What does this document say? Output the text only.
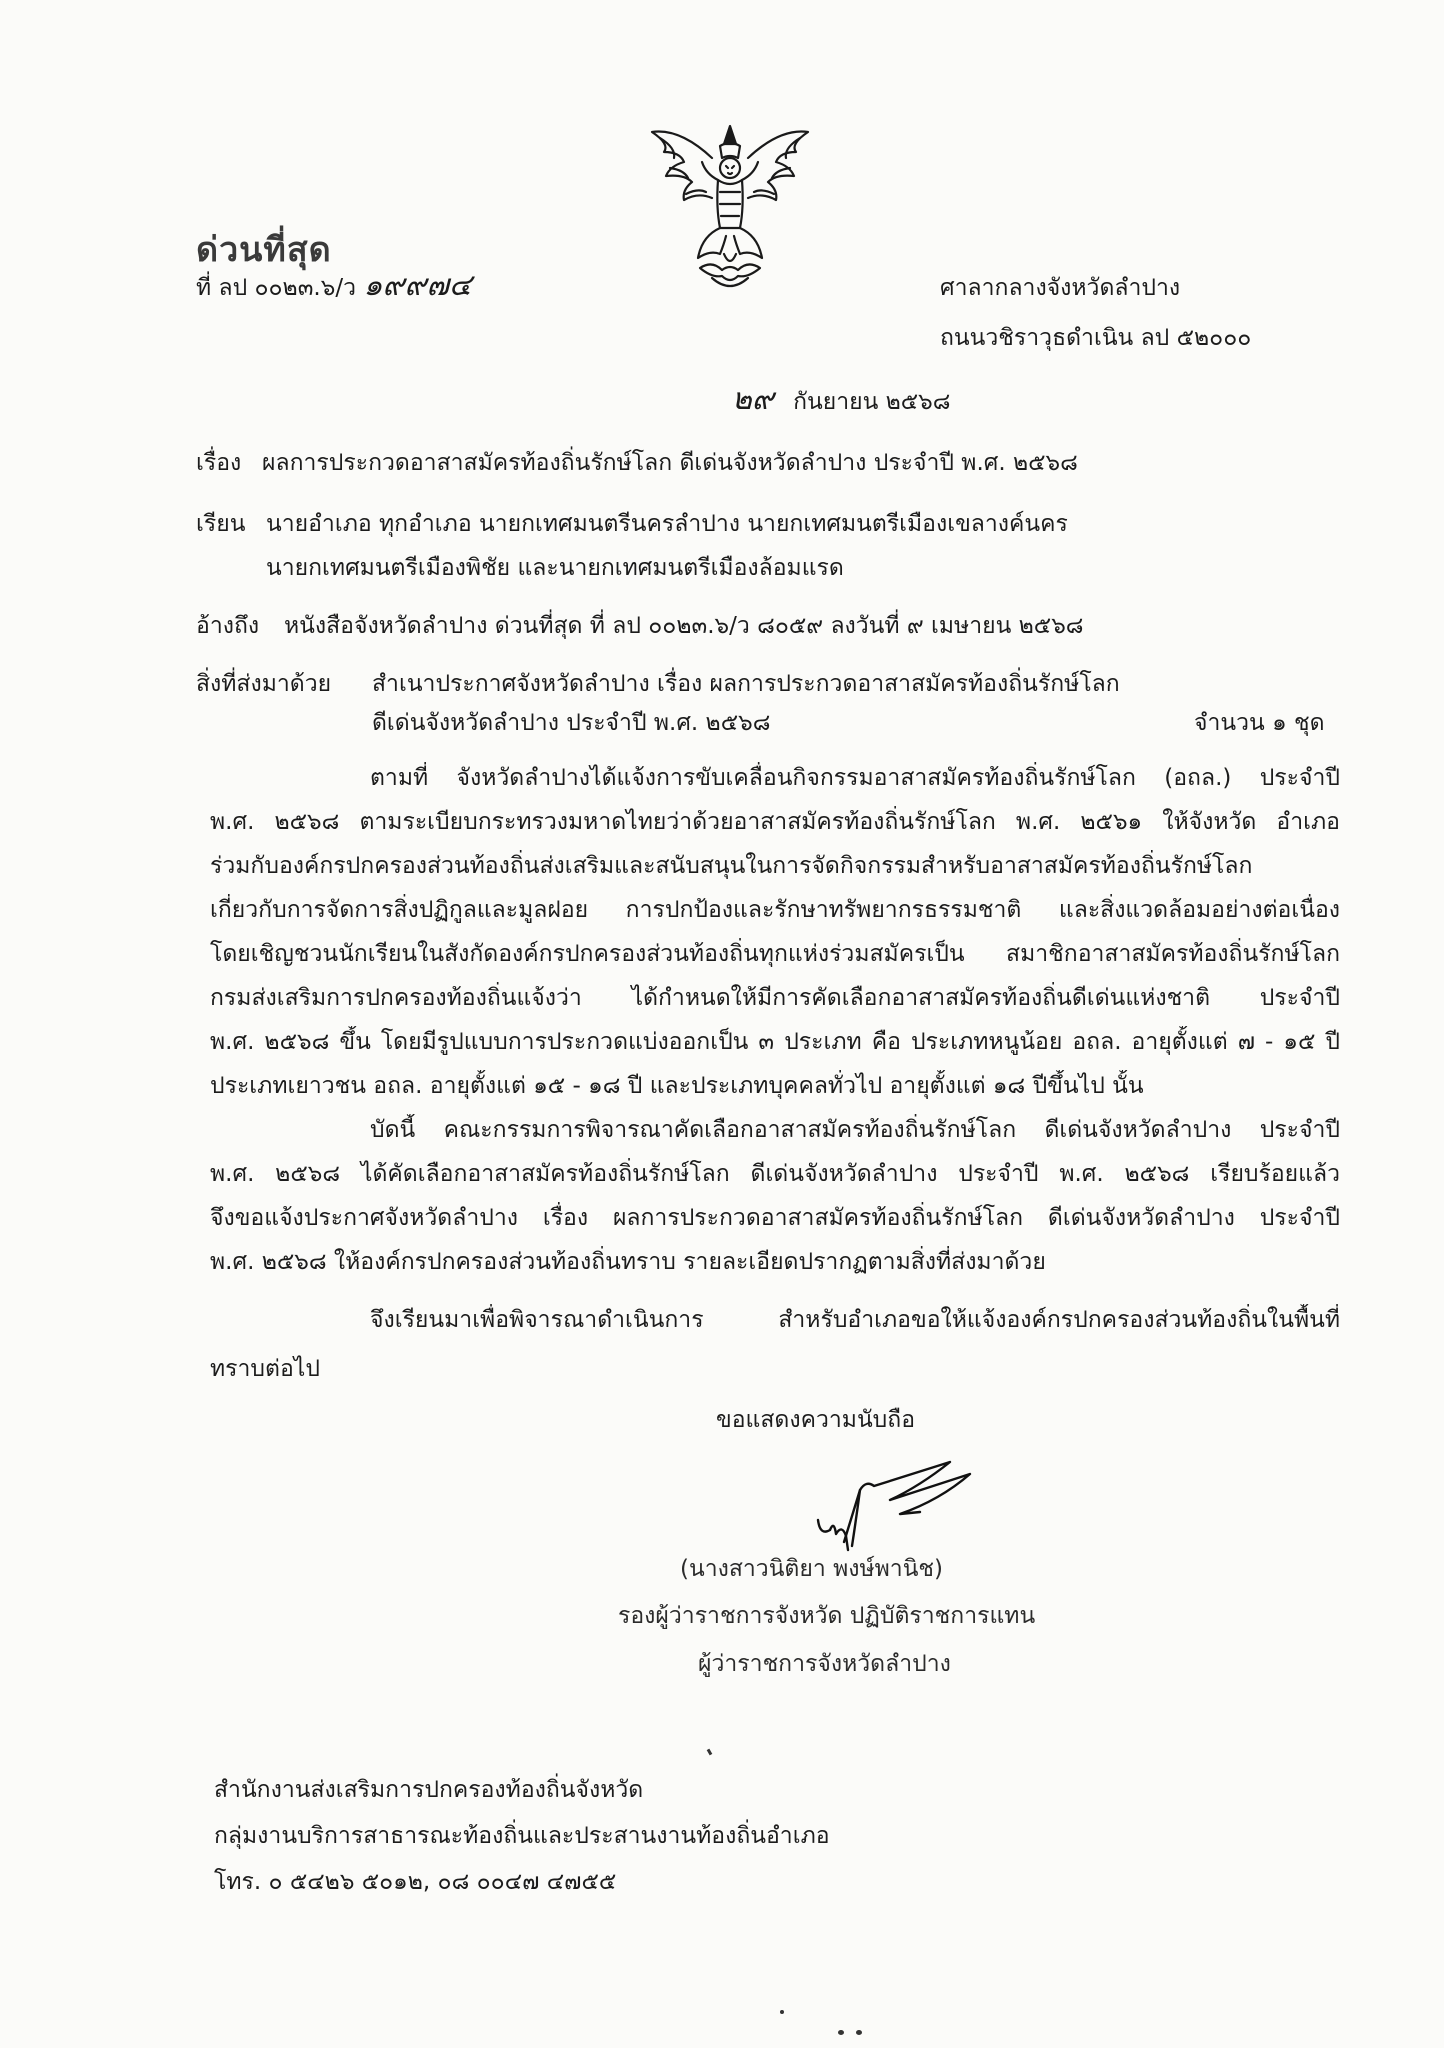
ด่วนที่สุด
ที่ ลป ๐๐๒๓.๖/ว ๑๙๙๗๔	ศาลากลางจังหวัดลำปาง
ถนนวชิราวุธดำเนิน ลป ๕๒๐๐๐
๒๙ กันยายน ๒๕๖๘
เรื่อง ผลการประกวดอาสาสมัครท้องถิ่นรักษ์โลก ดีเด่นจังหวัดลำปาง ประจำปี พ.ศ. ๒๕๖๘
เรียน นายอำเภอ ทุกอำเภอ นายกเทศมนตรีนครลำปาง นายกเทศมนตรีเมืองเขลางค์นคร
นายกเทศมนตรีเมืองพิชัย และนายกเทศมนตรีเมืองล้อมแรด
อ้างถึง หนังสือจังหวัดลำปาง ด่วนที่สุด ที่ ลป ๐๐๒๓.๖/ว ๘๐๕๙ ลงวันที่ ๙ เมษายน ๒๕๖๘
สิ่งที่ส่งมาด้วย สำเนาประกาศจังหวัดลำปาง เรื่อง ผลการประกวดอาสาสมัครท้องถิ่นรักษ์โลก
ดีเด่นจังหวัดลำปาง ประจำปี พ.ศ. ๒๕๖๘	จำนวน ๑ ชุด
ตามที่ จังหวัดลำปางได้แจ้งการขับเคลื่อนกิจกรรมอาสาสมัครท้องถิ่นรักษ์โลก (อถล.) ประจำปี
พ.ศ. ๒๕๖๘ ตามระเบียบกระทรวงมหาดไทยว่าด้วยอาสาสมัครท้องถิ่นรักษ์โลก พ.ศ. ๒๕๖๑ ให้จังหวัด อำเภอ
ร่วมกับองค์กรปกครองส่วนท้องถิ่นส่งเสริมและสนับสนุนในการจัดกิจกรรมสำหรับอาสาสมัครท้องถิ่นรักษ์โลก
เกี่ยวกับการจัดการสิ่งปฏิกูลและมูลฝอย การปกป้องและรักษาทรัพยากรธรรมชาติ และสิ่งแวดล้อมอย่างต่อเนื่อง
โดยเชิญชวนนักเรียนในสังกัดองค์กรปกครองส่วนท้องถิ่นทุกแห่งร่วมสมัครเป็น สมาชิกอาสาสมัครท้องถิ่นรักษ์โลก
กรมส่งเสริมการปกครองท้องถิ่นแจ้งว่า ได้กำหนดให้มีการคัดเลือกอาสาสมัครท้องถิ่นดีเด่นแห่งชาติ ประจำปี
พ.ศ. ๒๕๖๘ ขึ้น โดยมีรูปแบบการประกวดแบ่งออกเป็น ๓ ประเภท คือ ประเภทหนูน้อย อถล. อายุตั้งแต่ ๗ - ๑๕ ปี
ประเภทเยาวชน อถล. อายุตั้งแต่ ๑๕ - ๑๘ ปี และประเภทบุคคลทั่วไป อายุตั้งแต่ ๑๘ ปีขึ้นไป นั้น
บัดนี้ คณะกรรมการพิจารณาคัดเลือกอาสาสมัครท้องถิ่นรักษ์โลก ดีเด่นจังหวัดลำปาง ประจำปี
พ.ศ. ๒๕๖๘ ได้คัดเลือกอาสาสมัครท้องถิ่นรักษ์โลก ดีเด่นจังหวัดลำปาง ประจำปี พ.ศ. ๒๕๖๘ เรียบร้อยแล้ว
จึงขอแจ้งประกาศจังหวัดลำปาง เรื่อง ผลการประกวดอาสาสมัครท้องถิ่นรักษ์โลก ดีเด่นจังหวัดลำปาง ประจำปี
พ.ศ. ๒๕๖๘ ให้องค์กรปกครองส่วนท้องถิ่นทราบ รายละเอียดปรากฏตามสิ่งที่ส่งมาด้วย
จึงเรียนมาเพื่อพิจารณาดำเนินการ สำหรับอำเภอขอให้แจ้งองค์กรปกครองส่วนท้องถิ่นในพื้นที่
ทราบต่อไป
ขอแสดงความนับถือ
(นางสาวนิติยา พงษ์พานิช)
รองผู้ว่าราชการจังหวัด ปฏิบัติราชการแทน
ผู้ว่าราชการจังหวัดลำปาง
สำนักงานส่งเสริมการปกครองท้องถิ่นจังหวัด
กลุ่มงานบริการสาธารณะท้องถิ่นและประสานงานท้องถิ่นอำเภอ
โทร. ๐ ๕๔๒๖ ๕๐๑๒, ๐๘ ๐๐๔๗ ๔๗๕๕
